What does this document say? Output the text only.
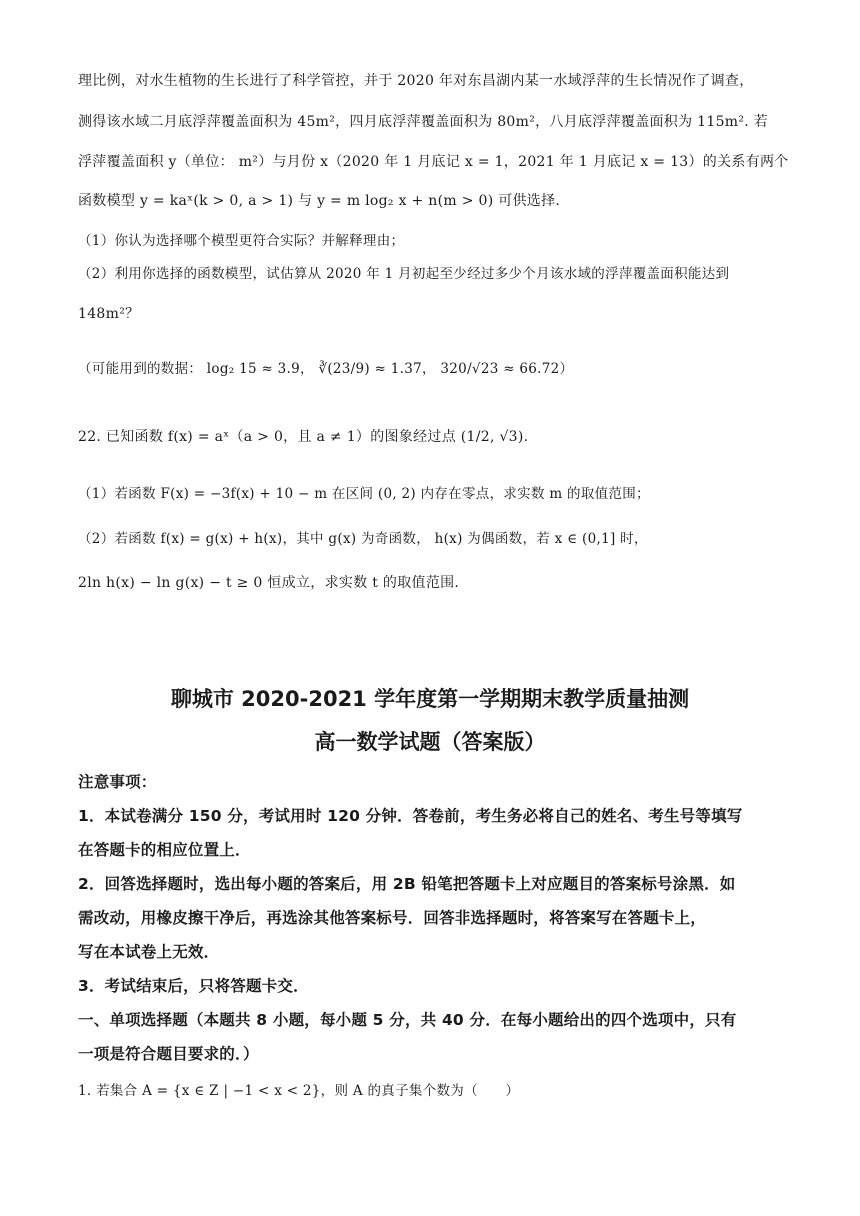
理比例，对水生植物的生长进行了科学管控，并于 2020 年对东昌湖内某一水域浮萍的生长情况作了调查，
测得该水域二月底浮萍覆盖面积为 45m²，四月底浮萍覆盖面积为 80m²，八月底浮萍覆盖面积为 115m². 若
浮萍覆盖面积 y（单位： m²）与月份 x（2020 年 1 月底记 x = 1，2021 年 1 月底记 x = 13）的关系有两个
函数模型 y = kaˣ(k > 0, a > 1) 与 y = m log₂ x + n(m > 0) 可供选择.
（1）你认为选择哪个模型更符合实际？并解释理由；
（2）利用你选择的函数模型，试估算从 2020 年 1 月初起至少经过多少个月该水域的浮萍覆盖面积能达到
148m²？
（可能用到的数据： log₂ 15 ≈ 3.9， ∛(23/9) ≈ 1.37， 320/√23 ≈ 66.72）
22. 已知函数 f(x) = aˣ（a > 0，且 a ≠ 1）的图象经过点 (1/2, √3).
（1）若函数 F(x) = −3f(x) + 10 − m 在区间 (0, 2) 内存在零点，求实数 m 的取值范围；
（2）若函数 f(x) = g(x) + h(x)，其中 g(x) 为奇函数， h(x) 为偶函数，若 x ∈ (0,1] 时，
2ln h(x) − ln g(x) − t ≥ 0 恒成立，求实数 t 的取值范围.
聊城市 2020-2021 学年度第一学期期末教学质量抽测
高一数学试题（答案版）
注意事项：
1．本试卷满分 150 分，考试用时 120 分钟．答卷前，考生务必将自己的姓名、考生号等填写
在答题卡的相应位置上．
2．回答选择题时，选出每小题的答案后，用 2B 铅笔把答题卡上对应题目的答案标号涂黑．如
需改动，用橡皮擦干净后，再选涂其他答案标号．回答非选择题时，将答案写在答题卡上，
写在本试卷上无效．
3．考试结束后，只将答题卡交．
一、单项选择题（本题共 8 小题，每小题 5 分，共 40 分．在每小题给出的四个选项中，只有
一项是符合题目要求的．）
1. 若集合 A = {x ∈ Z | −1 < x < 2}，则 A 的真子集个数为（　　）
